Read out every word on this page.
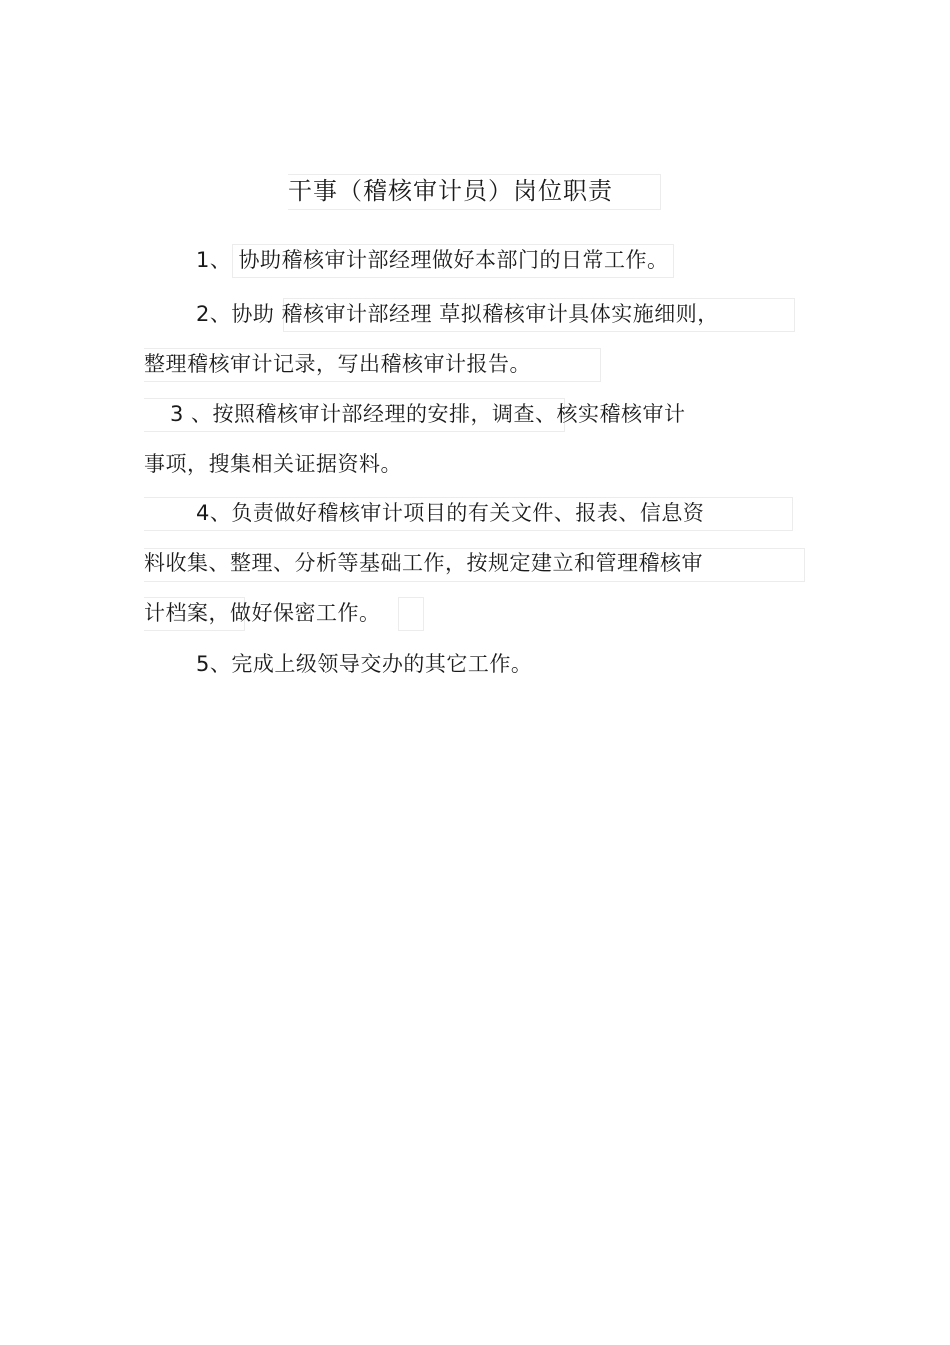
干事（稽核审计员）岗位职责
1、 协助稽核审计部经理做好本部门的日常工作。
2、协助 稽核审计部经理 草拟稽核审计具体实施细则，
整理稽核审计记录，写出稽核审计报告。
3 、按照稽核审计部经理的安排，调查、核实稽核审计
事项，搜集相关证据资料。
4、负责做好稽核审计项目的有关文件、报表、信息资
料收集、整理、分析等基础工作，按规定建立和管理稽核审
计档案，做好保密工作。
5、完成上级领导交办的其它工作。
